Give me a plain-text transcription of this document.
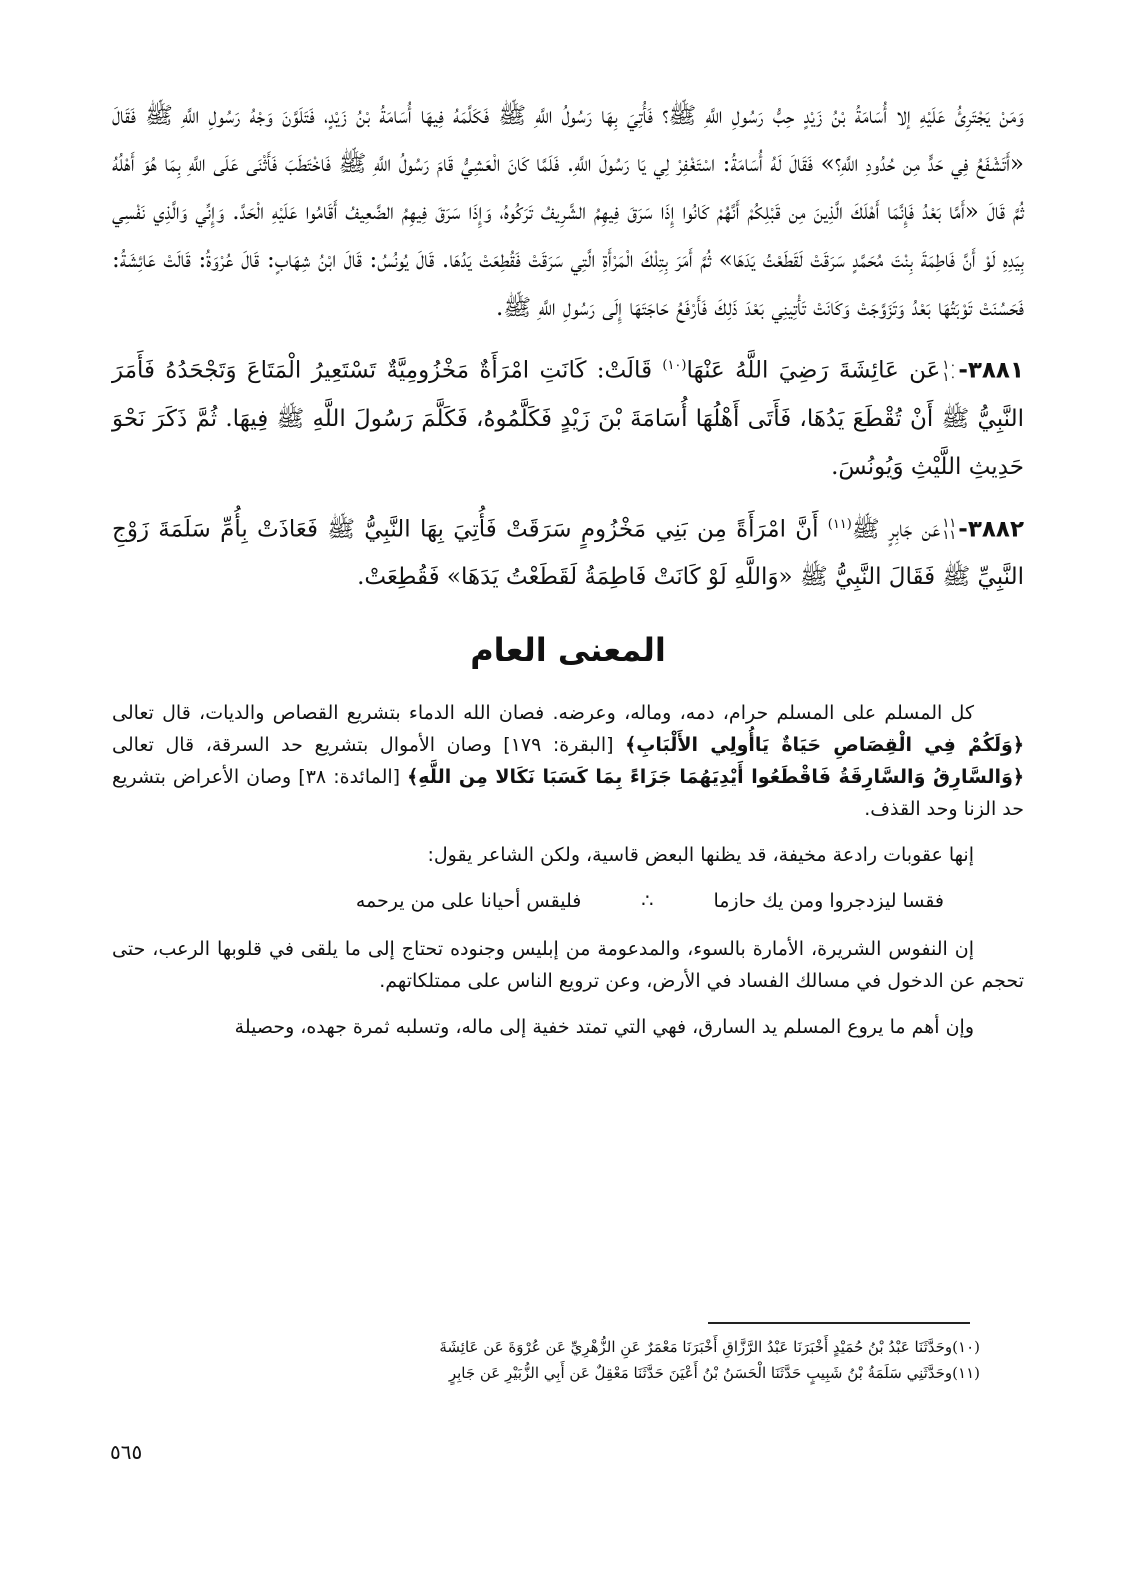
وَمَنْ يَجْتَرِئُ عَلَيْهِ إلا أُسَامَةُ بْنُ زَيْدٍ حِبُّ رَسُولِ اللَّهِ ﷺ؟ فَأُتِيَ بِهَا رَسُولُ اللَّهِ ﷺ فَكَلَّمَهُ فِيهَا أُسَامَةُ بْنُ زَيْدٍ، فَتَلَوَّنَ وَجْهُ رَسُولِ اللَّهِ ﷺ فَقَالَ «أَتَشْفَعُ فِي حَدٍّ مِن حُدُودِ اللَّهِ؟» فَقَالَ لَهُ أُسَامَةُ: اسْتَغْفِرْ لِي يَا رَسُولَ اللَّهِ. فَلَمَّا كَانَ الْعَشِيُّ قَامَ رَسُولُ اللَّهِ ﷺ فَاخْتَطَبَ فَأَثْنَى عَلَى اللَّهِ بِمَا هُوَ أَهْلُهُ ثُمَّ قَالَ «أَمَّا بَعْدُ فَإِنَّمَا أَهْلَكَ الَّذِينَ مِن قَبْلِكُمْ أَنَّهُمْ كَانُوا إِذَا سَرَقَ فِيهِمُ الشَّرِيفُ تَرَكُوهُ، وَإِذَا سَرَقَ فِيهِمُ الضَّعِيفُ أَقَامُوا عَلَيْهِ الْحَدَّ. وَإِنِّي وَالَّذِي نَفْسِي بِيَدِهِ لَوْ أَنَّ فَاطِمَةَ بِنْتَ مُحَمَّدٍ سَرَقَتْ لَقَطَعْتُ يَدَهَا» ثُمَّ أَمَرَ بِتِلْكَ الْمَرْأَةِ الَّتِي سَرَقَتْ فَقُطِعَتْ يَدُهَا. قَالَ يُونُسُ: قَالَ ابْنُ شِهَابٍ: قَالَ عُرْوَةُ: قَالَتْ عَائِشَةُ: فَحَسُنَتْ تَوْبَتُهَا بَعْدُ وَتَزَوَّجَتْ وَكَانَتْ تَأْتِينِي بَعْدَ ذَلِكَ فَأَرْفَعُ حَاجَتَهَا إِلَى رَسُولِ اللَّهِ ﷺ.

٣٨٨١-
١٠
١٠
عَن عَائِشَةَ رَضِيَ اللَّهُ عَنْهَا$^{(١٠)}$ قَالَتْ: كَانَتِ امْرَأَةٌ مَخْزُومِيَّةٌ تَسْتَعِيرُ الْمَتَاعَ وَتَجْحَدُهُ فَأَمَرَ النَّبِيُّ ﷺ أَنْ تُقْطَعَ يَدُهَا، فَأَتَى أَهْلُهَا أُسَامَةَ بْنَ زَيْدٍ فَكَلَّمُوهُ، فَكَلَّمَ رَسُولَ اللَّهِ ﷺ فِيهَا. ثُمَّ ذَكَرَ نَحْوَ حَدِيثِ اللَّيْثِ وَيُونُسَ.

٣٨٨٢-
١١
١١
عَن جَابِرٍ ﷺ$^{(١١)}$ أَنَّ امْرَأَةً مِن بَنِي مَخْزُومٍ سَرَقَتْ فَأُتِيَ بِهَا النَّبِيُّ ﷺ فَعَاذَتْ بِأُمِّ سَلَمَةَ زَوْجِ النَّبِيِّ ﷺ فَقَالَ النَّبِيُّ ﷺ «وَاللَّهِ لَوْ كَانَتْ فَاطِمَةُ لَقَطَعْتُ يَدَهَا» فَقُطِعَتْ.

المعنى العام

كل المسلم على المسلم حرام، دمه، وماله، وعرضه. فصان الله الدماء بتشريع القصاص والديات، قال تعالى ﴿وَلَكُمْ فِي الْقِصَاصِ حَيَاةٌ يَاأُولِي الأَلْبَابِ﴾ [البقرة: ١٧٩] وصان الأموال بتشريع حد السرقة، قال تعالى ﴿وَالسَّارِقُ وَالسَّارِقَةُ فَاقْطَعُوا أَيْدِيَهُمَا جَزَاءً بِمَا كَسَبَا نَكَالا مِن اللَّهِ﴾ [المائدة: ٣٨] وصان الأعراض بتشريع حد الزنا وحد القذف.

إنها عقوبات رادعة مخيفة، قد يظنها البعض قاسية، ولكن الشاعر يقول:

فقسا ليزدجروا ومن يك حازما
∴
فليقس أحيانا على من يرحمه

إن النفوس الشريرة، الأمارة بالسوء، والمدعومة من إبليس وجنوده تحتاج إلى ما يلقى في قلوبها الرعب، حتى تحجم عن الدخول في مسالك الفساد في الأرض، وعن ترويع الناس على ممتلكاتهم.

وإن أهم ما يروع المسلم يد السارق، فهي التي تمتد خفية إلى ماله، وتسلبه ثمرة جهده، وحصيلة

(١٠)وحَدَّثَنَا عَبْدُ بْنُ حُمَيْدٍ أَخْبَرَنَا عَبْدُ الرَّزَّاقِ أَخْبَرَنَا مَعْمَرٌ عَنِ الزُّهْرِيِّ عَن عُرْوَةَ عَن عَائِشَةَ

(١١)وحَدَّثَنِي سَلَمَةُ بْنُ شَبِيبٍ حَدَّثَنَا الْحَسَنُ بْنُ أَعْيَنَ حَدَّثَنَا مَعْقِلٌ عَن أَبِي الزُّبَيْرِ عَن جَابِرٍ

٥٦٥
